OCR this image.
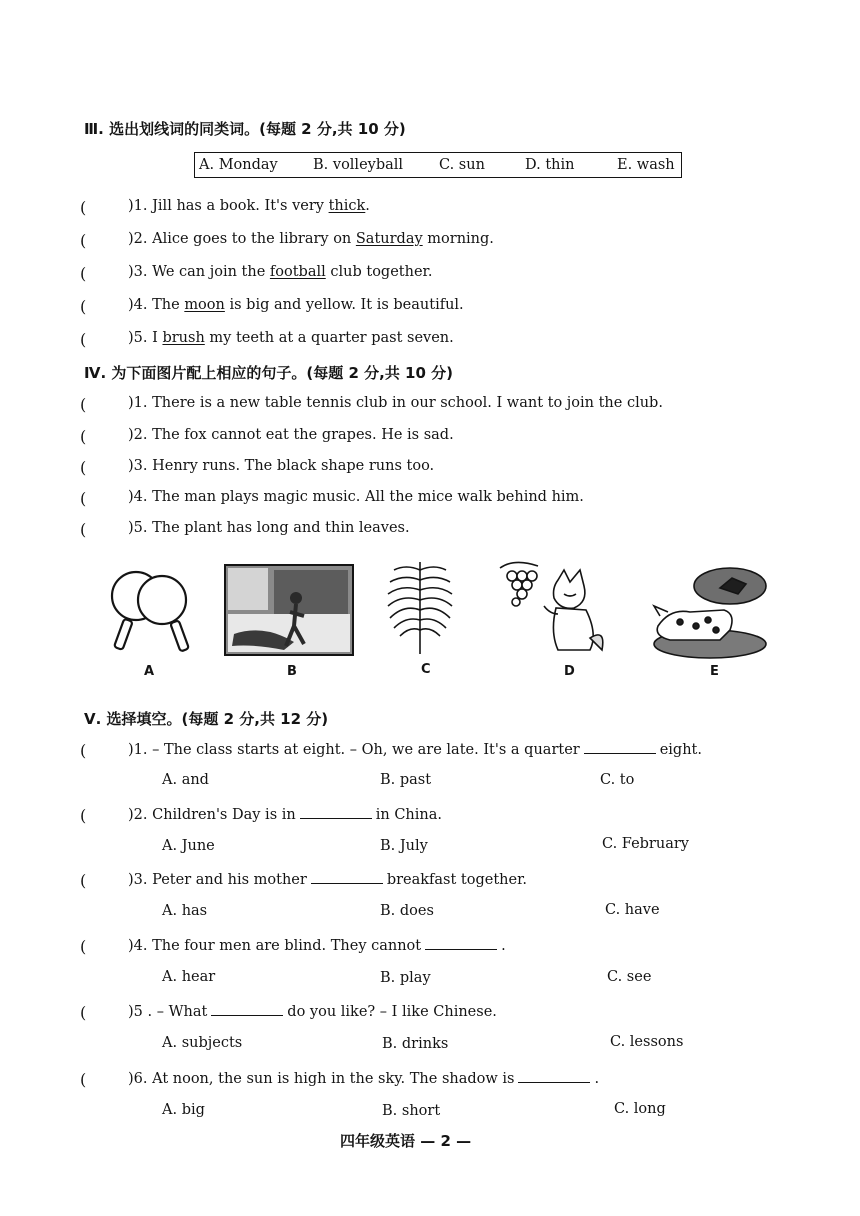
Ⅲ. 选出划线词的同类词。(每题 2 分,共 10 分)
A. Monday B. volleyball C. sun	D. thin	E. wash
(	)1. Jill has a book. It's very thick.
(	)2. Alice goes to the library on Saturday morning.
(	)3. We can join the football club together.
(	)4. The moon is big and yellow. It is beautiful.
(	)5. I brush my teeth at a quarter past seven.
Ⅳ. 为下面图片配上相应的句子。(每题 2 分,共 10 分)
(	)1. There is a new table tennis club in our school. I want to join the club.
(	)2. The fox cannot eat the grapes. He is sad.
(	)3. Henry runs. The black shape runs too.
(	)4. The man plays magic music. All the mice walk behind him.
(	)5. The plant has long and thin leaves.
A	B	C	D	E
Ⅴ. 选择填空。(每题 2 分,共 12 分)
(	)1. – The class starts at eight. – Oh, we are late. It's a quarter	eight.
A. and	B. past	C. to
(	)2. Children's Day is in	in China.
A. June	B. July	C. February
(	)3. Peter and his mother	breakfast together.
A. has	B. does	C. have
(	)4. The four men are blind. They cannot	.
A. hear	B. play	C. see
(	)5 . – What	do you like? – I like Chinese.
A. subjects	B. drinks	C. lessons
(	)6. At noon, the sun is high in the sky. The shadow is	.
A. big	B. short	C. long
四年级英语 — 2 —
